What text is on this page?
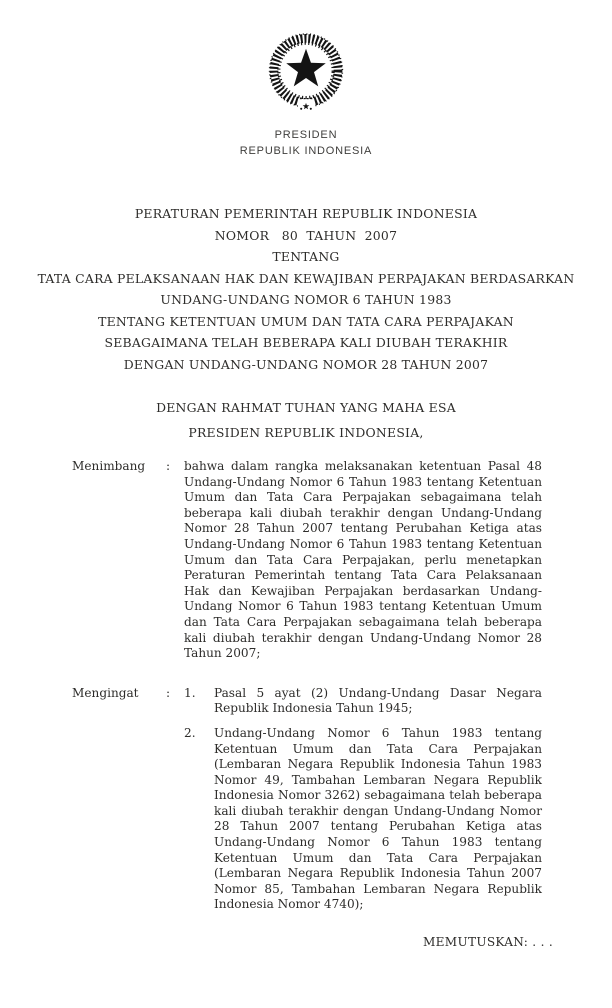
PRESIDEN
REPUBLIK INDONESIA
PERATURAN PEMERINTAH REPUBLIK INDONESIA
NOMOR   80  TAHUN  2007
TENTANG
TATA CARA PELAKSANAAN HAK DAN KEWAJIBAN PERPAJAKAN BERDASARKAN
UNDANG-UNDANG NOMOR 6 TAHUN 1983
TENTANG KETENTUAN UMUM DAN TATA CARA PERPAJAKAN
SEBAGAIMANA TELAH BEBERAPA KALI DIUBAH TERAKHIR
DENGAN UNDANG-UNDANG NOMOR 28 TAHUN 2007
DENGAN RAHMAT TUHAN YANG MAHA ESA
PRESIDEN REPUBLIK INDONESIA,
Menimbang	:	bahwa dalam rangka melaksanakan ketentuan Pasal 48 Undang-Undang Nomor 6 Tahun 1983 tentang Ketentuan Umum dan Tata Cara Perpajakan sebagaimana telah beberapa kali diubah terakhir dengan Undang-Undang Nomor 28 Tahun 2007 tentang Perubahan Ketiga atas Undang-Undang Nomor 6 Tahun 1983 tentang Ketentuan Umum dan Tata Cara Perpajakan, perlu menetapkan Peraturan Pemerintah tentang Tata Cara Pelaksanaan Hak dan Kewajiban Perpajakan berdasarkan Undang-Undang Nomor 6 Tahun 1983 tentang Ketentuan Umum dan Tata Cara Perpajakan sebagaimana telah beberapa kali diubah terakhir dengan Undang-Undang Nomor 28 Tahun 2007;
Mengingat	:	1.	Pasal 5 ayat (2) Undang-Undang Dasar Negara Republik Indonesia Tahun 1945;
2.	Undang-Undang Nomor 6 Tahun 1983 tentang Ketentuan Umum dan Tata Cara Perpajakan (Lembaran Negara Republik Indonesia Tahun 1983 Nomor 49, Tambahan Lembaran Negara Republik Indonesia Nomor 3262) sebagaimana telah beberapa kali diubah terakhir dengan Undang-Undang Nomor 28 Tahun 2007 tentang Perubahan Ketiga atas Undang-Undang Nomor 6 Tahun 1983 tentang Ketentuan Umum dan Tata Cara Perpajakan (Lembaran Negara Republik Indonesia Tahun 2007 Nomor 85, Tambahan Lembaran Negara Republik Indonesia Nomor 4740);
MEMUTUSKAN: . . .
